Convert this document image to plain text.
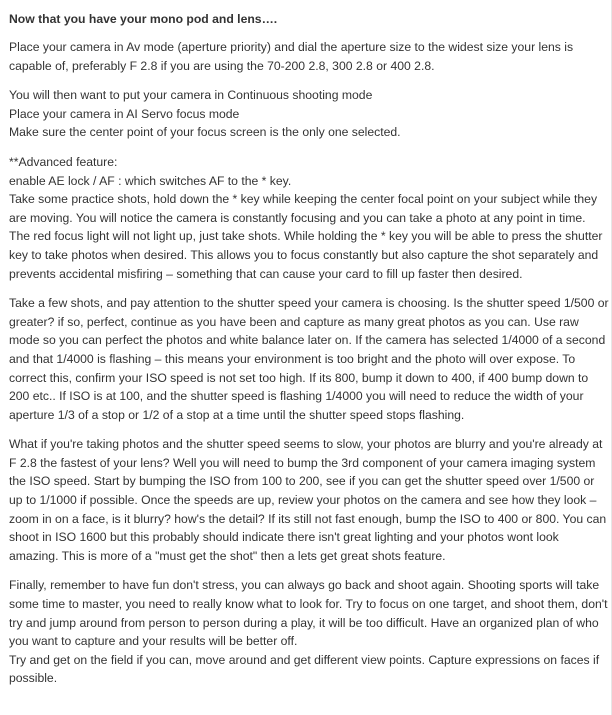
Now that you have your mono pod and lens….
Place your camera in Av mode (aperture priority) and dial the aperture size to the widest size your lens is capable of, preferably F 2.8 if you are using the 70-200 2.8, 300 2.8 or 400 2.8.
You will then want to put your camera in Continuous shooting mode
Place your camera in AI Servo focus mode
Make sure the center point of your focus screen is the only one selected.
**Advanced feature:
enable AE lock / AF : which switches AF to the * key.
Take some practice shots, hold down the * key while keeping the center focal point on your subject while they are moving. You will notice the camera is constantly focusing and you can take a photo at any point in time. The red focus light will not light up, just take shots. While holding the * key you will be able to press the shutter key to take photos when desired. This allows you to focus constantly but also capture the shot separately and prevents accidental misfiring – something that can cause your card to fill up faster then desired.
Take a few shots, and pay attention to the shutter speed your camera is choosing. Is the shutter speed 1/500 or greater? if so, perfect, continue as you have been and capture as many great photos as you can. Use raw mode so you can perfect the photos and white balance later on. If the camera has selected 1/4000 of a second and that 1/4000 is flashing – this means your environment is too bright and the photo will over expose. To correct this, confirm your ISO speed is not set too high. If its 800, bump it down to 400, if 400 bump down to 200 etc.. If ISO is at 100, and the shutter speed is flashing 1/4000 you will need to reduce the width of your aperture 1/3 of a stop or 1/2 of a stop at a time until the shutter speed stops flashing.
What if you're taking photos and the shutter speed seems to slow, your photos are blurry and you're already at F 2.8 the fastest of your lens? Well you will need to bump the 3rd component of your camera imaging system the ISO speed. Start by bumping the ISO from 100 to 200, see if you can get the shutter speed over 1/500 or up to 1/1000 if possible. Once the speeds are up, review your photos on the camera and see how they look – zoom in on a face, is it blurry? how's the detail? If its still not fast enough, bump the ISO to 400 or 800. You can shoot in ISO 1600 but this probably should indicate there isn't great lighting and your photos wont look amazing. This is more of a "must get the shot" then a lets get great shots feature.
Finally, remember to have fun don't stress, you can always go back and shoot again. Shooting sports will take some time to master, you need to really know what to look for. Try to focus on one target, and shoot them, don't try and jump around from person to person during a play, it will be too difficult. Have an organized plan of who you want to capture and your results will be better off.
Try and get on the field if you can, move around and get different view points. Capture expressions on faces if possible.
